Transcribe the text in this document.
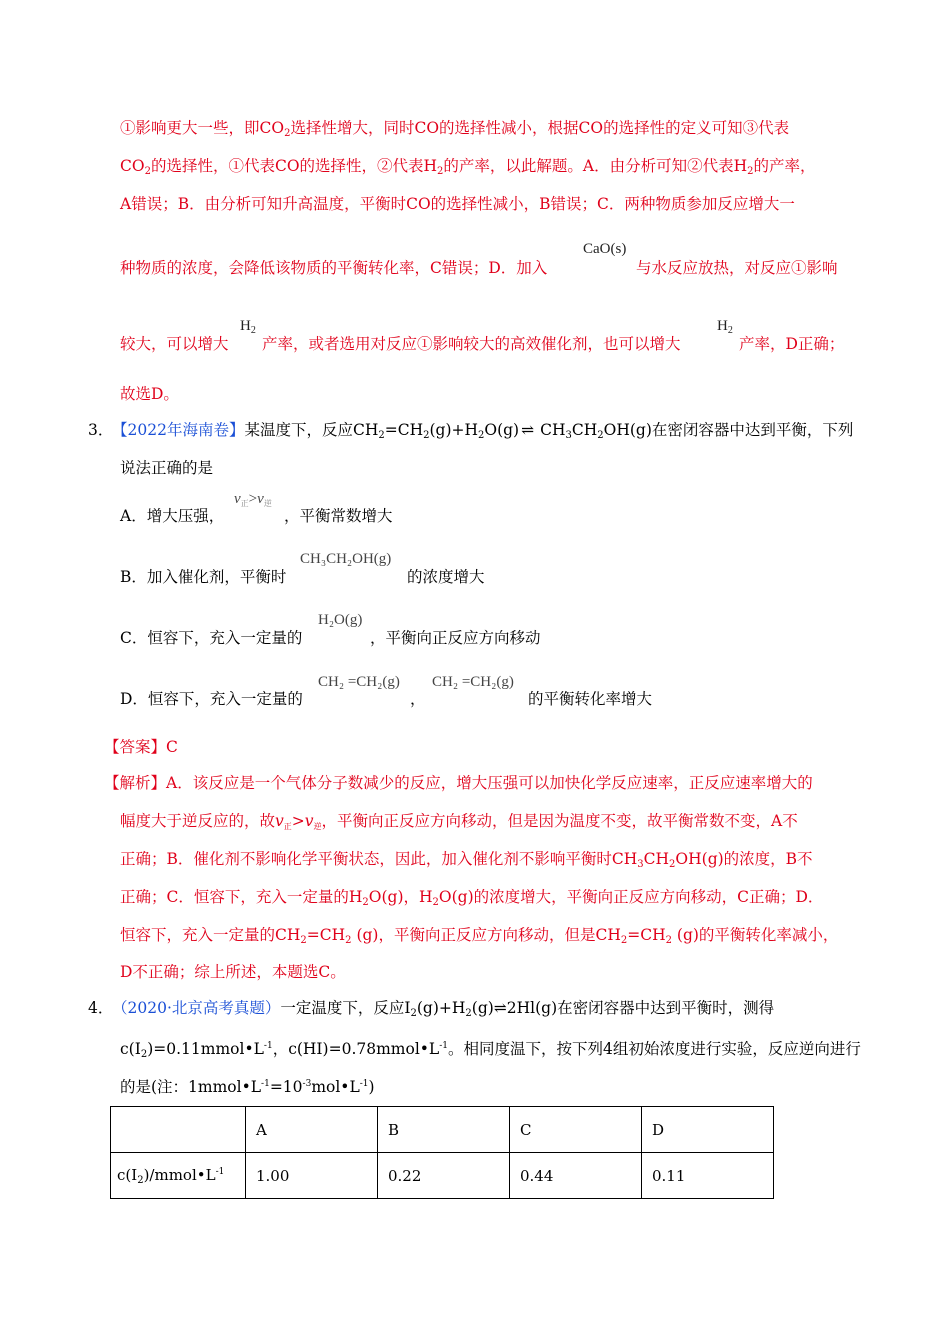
①影响更大一些，即$CO_2$选择性增大，同时CO的选择性减小，根据CO的选择性的定义可知③代表
$CO_2$的选择性，①代表CO的选择性，②代表$H_2$的产率，以此解题。A．由分析可知②代表$H_2$的产率，
A错误；B．由分析可知升高温度，平衡时CO的选择性减小，B错误；C．两种物质参加反应增大一
种物质的浓度，会降低该物质的平衡转化率，C错误；D．加入
CaO(s)
与水反应放热，对反应①影响
较大，可以增大
$H_2$
产率，或者选用对反应①影响较大的高效催化剂，也可以增大
$H_2$
产率，D正确；
故选D。
3．
【2022年海南卷】某温度下，反应$CH_2=CH_2(g)+H_2O(g)$ ⇌ $CH_3CH_2OH(g)$在密闭容器中达到平衡，下列
说法正确的是
A．增大压强，
$v_正>v_逆$
，平衡常数增大
B．加入催化剂，平衡时
CH₃CH₂OH(g)
的浓度增大
C．恒容下，充入一定量的
H₂O(g)
，平衡向正反应方向移动
D．恒容下，充入一定量的
CH₂ =CH₂(g)
，
CH₂ =CH₂(g)
的平衡转化率增大
【答案】C
【解析】A．该反应是一个气体分子数减少的反应，增大压强可以加快化学反应速率，正反应速率增大的
幅度大于逆反应的，故$v_正>v_逆$，平衡向正反应方向移动，但是因为温度不变，故平衡常数不变，A不
正确；B．催化剂不影响化学平衡状态，因此，加入催化剂不影响平衡时$CH_3CH_2OH(g)$的浓度，B不
正确；C．恒容下，充入一定量的$H_2O(g)$，$H_2O(g)$的浓度增大，平衡向正反应方向移动，C正确；D．
恒容下，充入一定量的$CH_2=CH_2$ (g)，平衡向正反应方向移动，但是$CH_2=CH_2$ (g)的平衡转化率减小，
D不正确；综上所述，本题选C。
4．
（2020·北京高考真题）一定温度下，反应$I_2(g)+H_2(g)\rightleftharpoons 2Hl(g)$在密闭容器中达到平衡时，测得
$c(I_2)=0.11mmol•L^{-1}$，$c(HI)=0.78mmol•L^{-1}$。相同度温下，按下列4组初始浓度进行实验，反应逆向进行
的是(注：$1mmol•L^{-1}=10^{-3}mol•L^{-1}$)
	A	B	C	D
$c(I_2)/mmol•L^{-1}$	1.00	0.22	0.44	0.11
